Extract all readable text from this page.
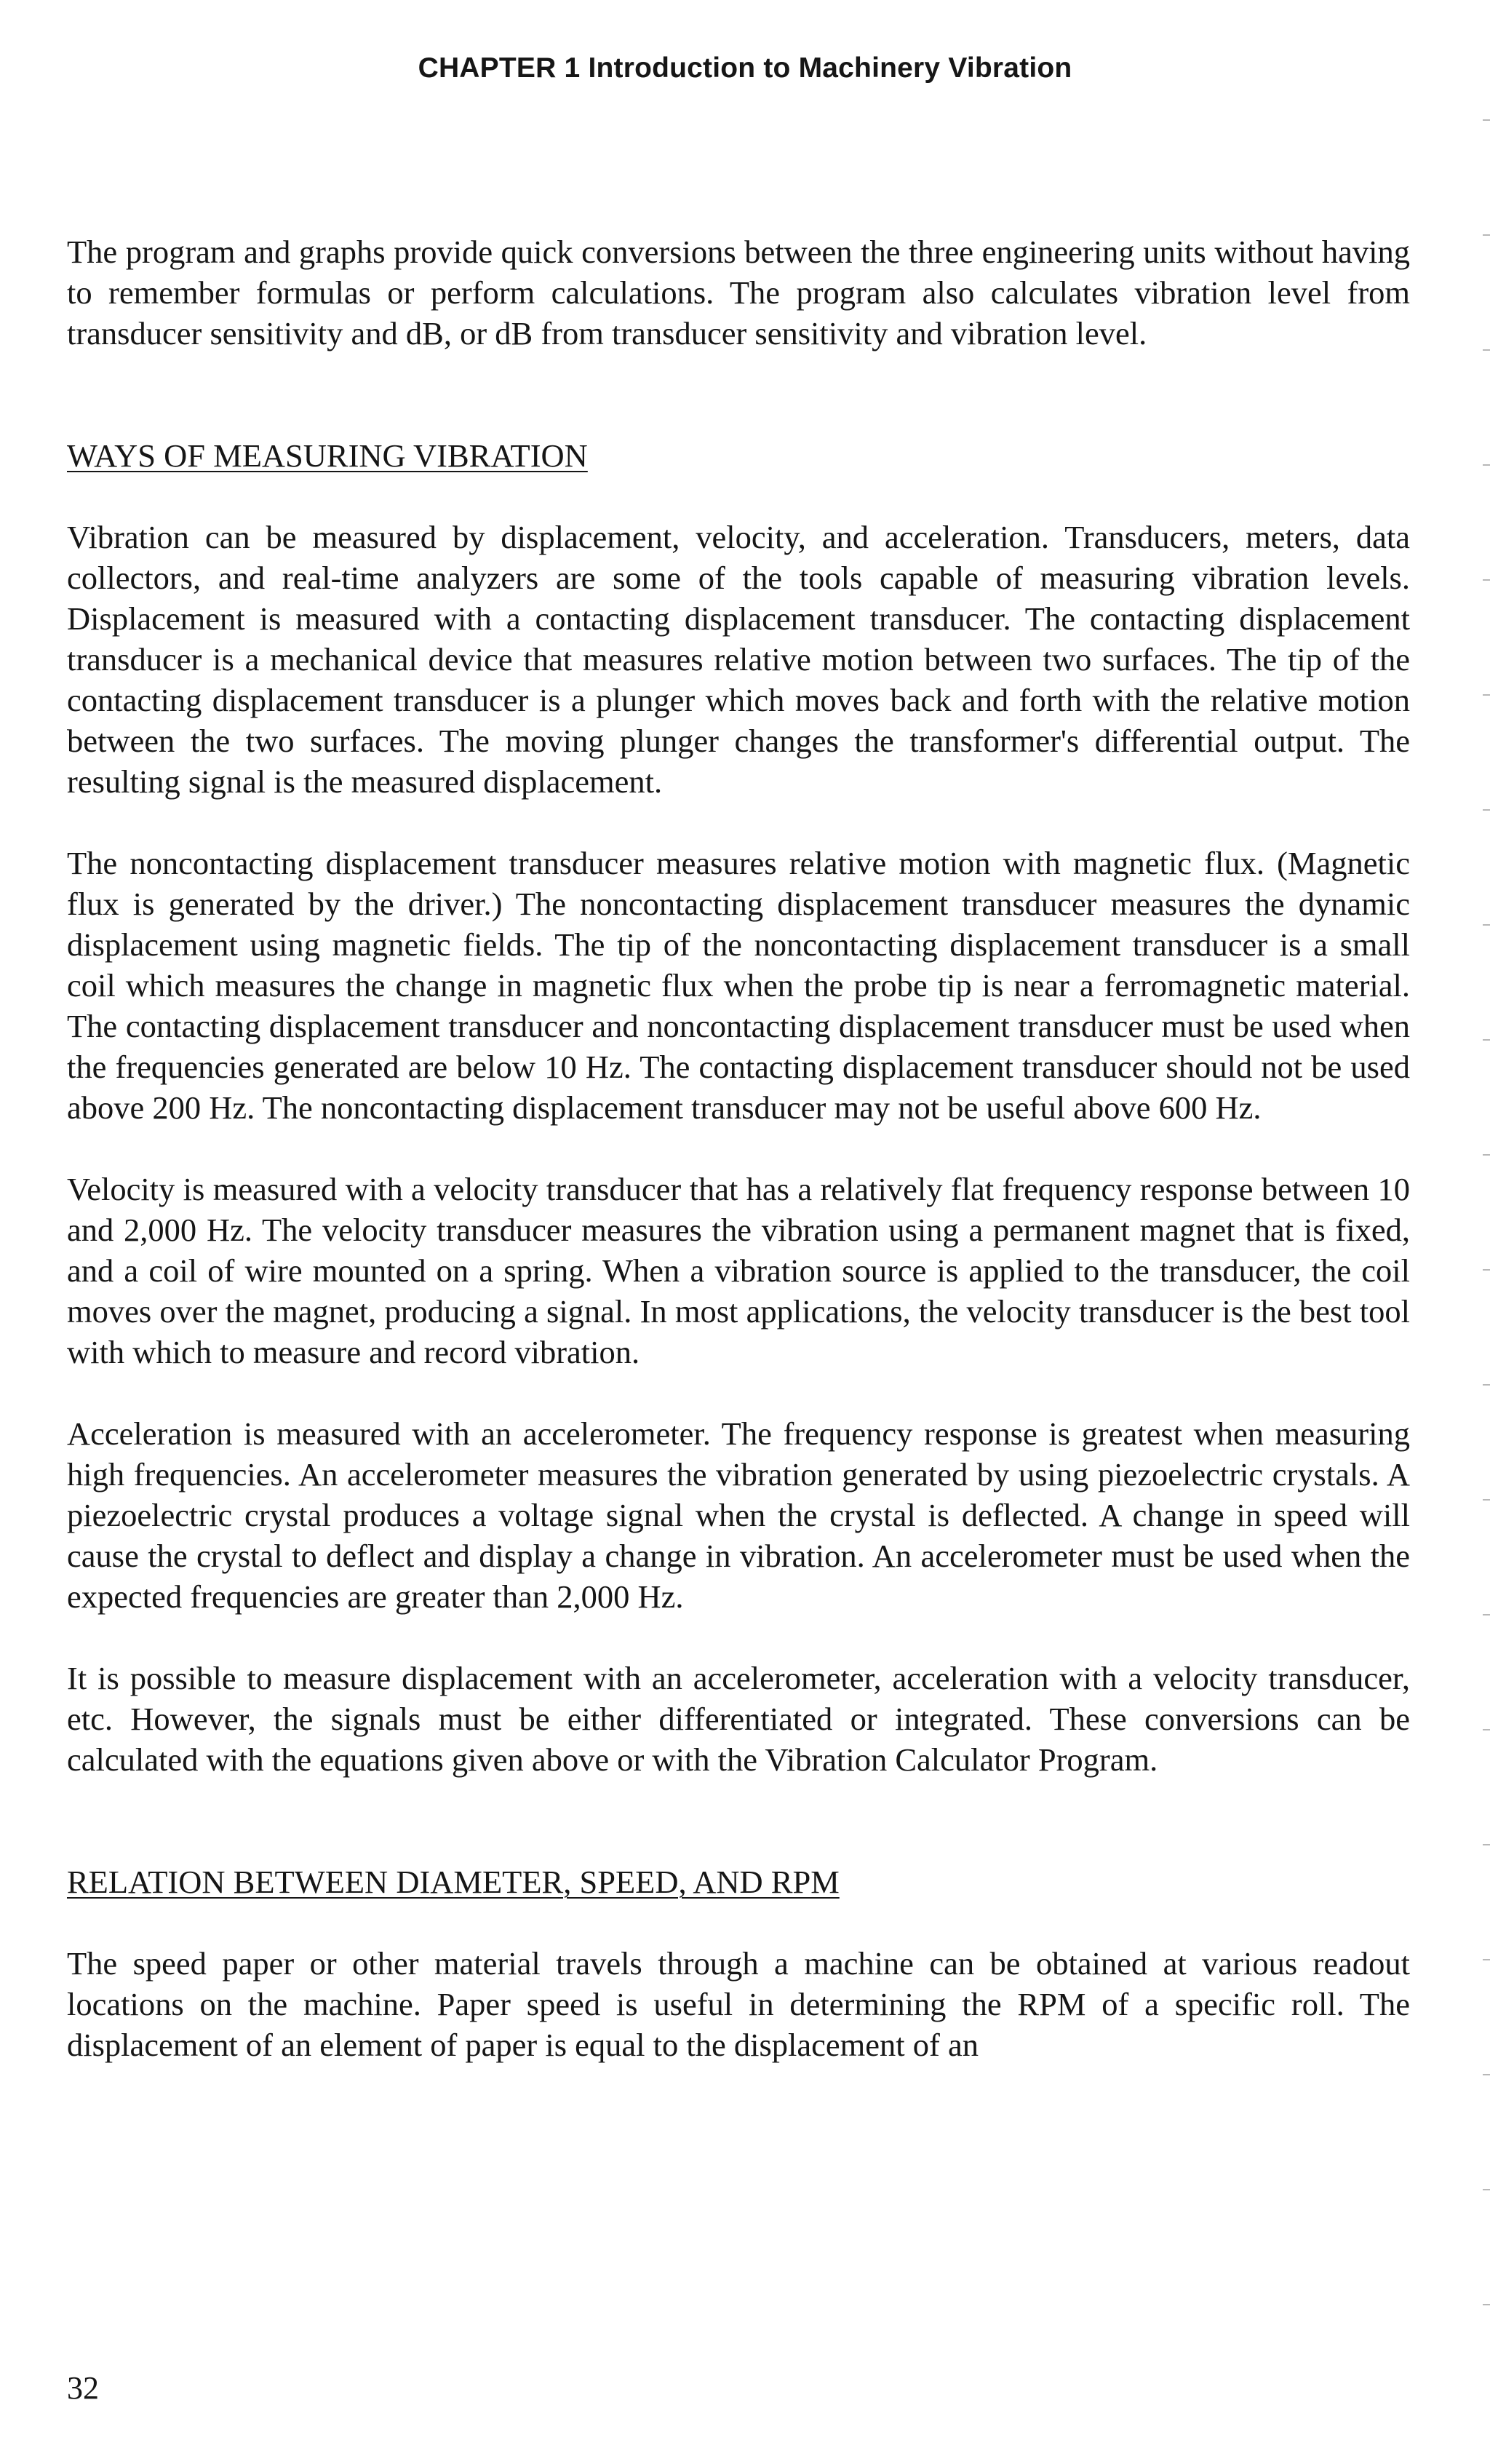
CHAPTER 1 Introduction to Machinery Vibration

The program and graphs provide quick conversions between the three engineering units without having to remember formulas or perform calculations. The program also calculates vibration level from transducer sensitivity and dB, or dB from transducer sensitivity and vibration level.

WAYS OF MEASURING VIBRATION

Vibration can be measured by displacement, velocity, and acceleration. Transducers, meters, data collectors, and real-time analyzers are some of the tools capable of measuring vibration levels. Displacement is measured with a contacting displacement transducer. The contacting displacement transducer is a mechanical device that measures relative motion between two surfaces. The tip of the contacting displacement transducer is a plunger which moves back and forth with the relative motion between the two surfaces. The moving plunger changes the transformer's differential output. The resulting signal is the measured displacement.

The noncontacting displacement transducer measures relative motion with magnetic flux. (Magnetic flux is generated by the driver.) The noncontacting displacement transducer measures the dynamic displacement using magnetic fields. The tip of the noncontacting displacement transducer is a small coil which measures the change in magnetic flux when the probe tip is near a ferromagnetic material. The contacting displacement transducer and noncontacting displacement transducer must be used when the frequencies generated are below 10 Hz. The contacting displacement transducer should not be used above 200 Hz. The noncontacting displacement transducer may not be useful above 600 Hz.

Velocity is measured with a velocity transducer that has a relatively flat frequency response between 10 and 2,000 Hz. The velocity transducer measures the vibration using a permanent magnet that is fixed, and a coil of wire mounted on a spring. When a vibration source is applied to the transducer, the coil moves over the magnet, producing a signal. In most applications, the velocity transducer is the best tool with which to measure and record vibration.

Acceleration is measured with an accelerometer. The frequency response is greatest when measuring high frequencies. An accelerometer measures the vibration generated by using piezoelectric crystals. A piezoelectric crystal produces a voltage signal when the crystal is deflected. A change in speed will cause the crystal to deflect and display a change in vibration. An accelerometer must be used when the expected frequencies are greater than 2,000 Hz.

It is possible to measure displacement with an accelerometer, acceleration with a velocity transducer, etc. However, the signals must be either differentiated or integrated. These conversions can be calculated with the equations given above or with the Vibration Calculator Program.

RELATION BETWEEN DIAMETER, SPEED, AND RPM

The speed paper or other material travels through a machine can be obtained at various readout locations on the machine. Paper speed is useful in determining the RPM of a specific roll. The displacement of an element of paper is equal to the displacement of an

32
